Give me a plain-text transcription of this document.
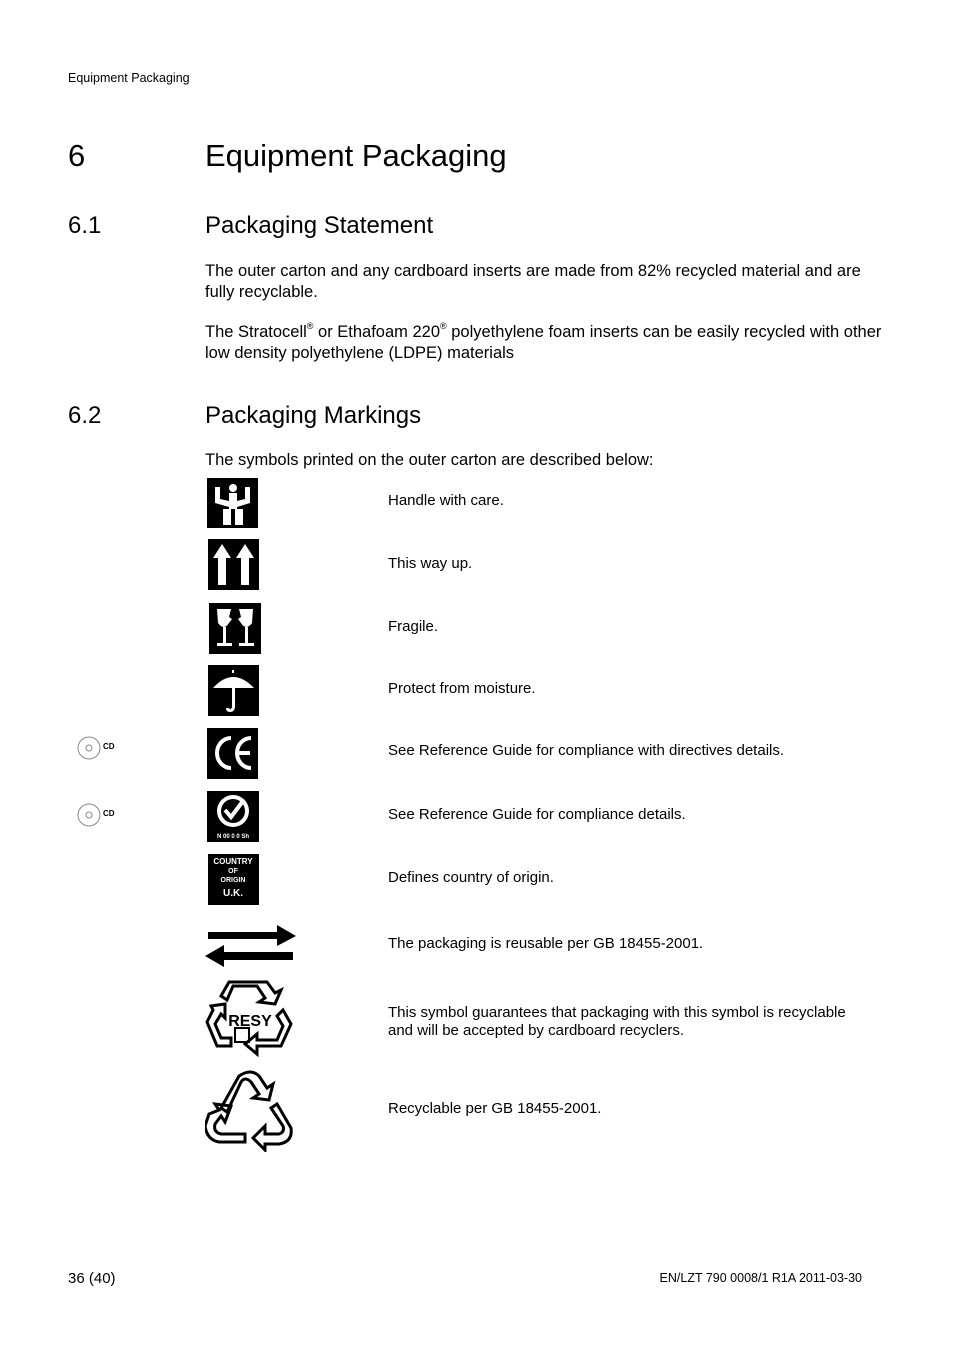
Equipment Packaging
6	Equipment Packaging
6.1	Packaging Statement
The outer carton and any cardboard inserts are made from 82% recycled material and are fully recyclable.
The Stratocell® or Ethafoam 220® polyethylene foam inserts can be easily recycled with other low density polyethylene (LDPE) materials
6.2	Packaging Markings
The symbols printed on the outer carton are described below:
Handle with care.
This way up.
Fragile.
Protect from moisture.
CD	See Reference Guide for compliance with directives details.
CD
N 00 0 0 Sh
See Reference Guide for compliance details.
COUNTRY
OF
ORIGIN
U.K.
Defines country of origin.
The packaging is reusable per GB 18455-2001.
RESY
This symbol guarantees that packaging with this symbol is recyclable and will be accepted by cardboard recyclers.
Recyclable per GB 18455-2001.
36 (40)	EN/LZT 790 0008/1 R1A 2011-03-30
